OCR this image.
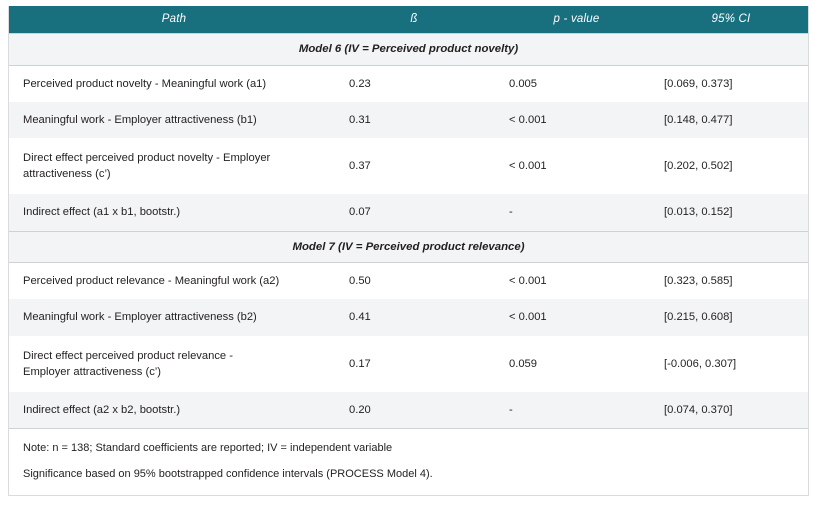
Path	ß	p - value	95% CI
Model 6 (IV = Perceived product novelty)			

Perceived product novelty - Meaningful work (a1)	0.23	0.005	[0.069, 0.373]

Meaningful work - Employer attractiveness (b1)	0.31	< 0.001	[0.148, 0.477]

Direct effect perceived product novelty - Employer
attractiveness (c’)	0.37	< 0.001	[0.202, 0.502]

Indirect effect (a1 x b1, bootstr.)	0.07	-	[0.013, 0.152]
Model 7 (IV = Perceived product relevance)			

Perceived product relevance - Meaningful work (a2)	0.50	< 0.001	[0.323, 0.585]

Meaningful work - Employer attractiveness (b2)	0.41	< 0.001	[0.215, 0.608]

Direct effect perceived product relevance -
Employer attractiveness (c’)	0.17	0.059	[-0.006, 0.307]

Indirect effect (a2 x b2, bootstr.)	0.20	-	[0.074, 0.370]

Note: n = 138; Standard coefficients are reported; IV = independent variable			

Significance based on 95% bootstrapped confidence intervals (PROCESS Model 4).			
